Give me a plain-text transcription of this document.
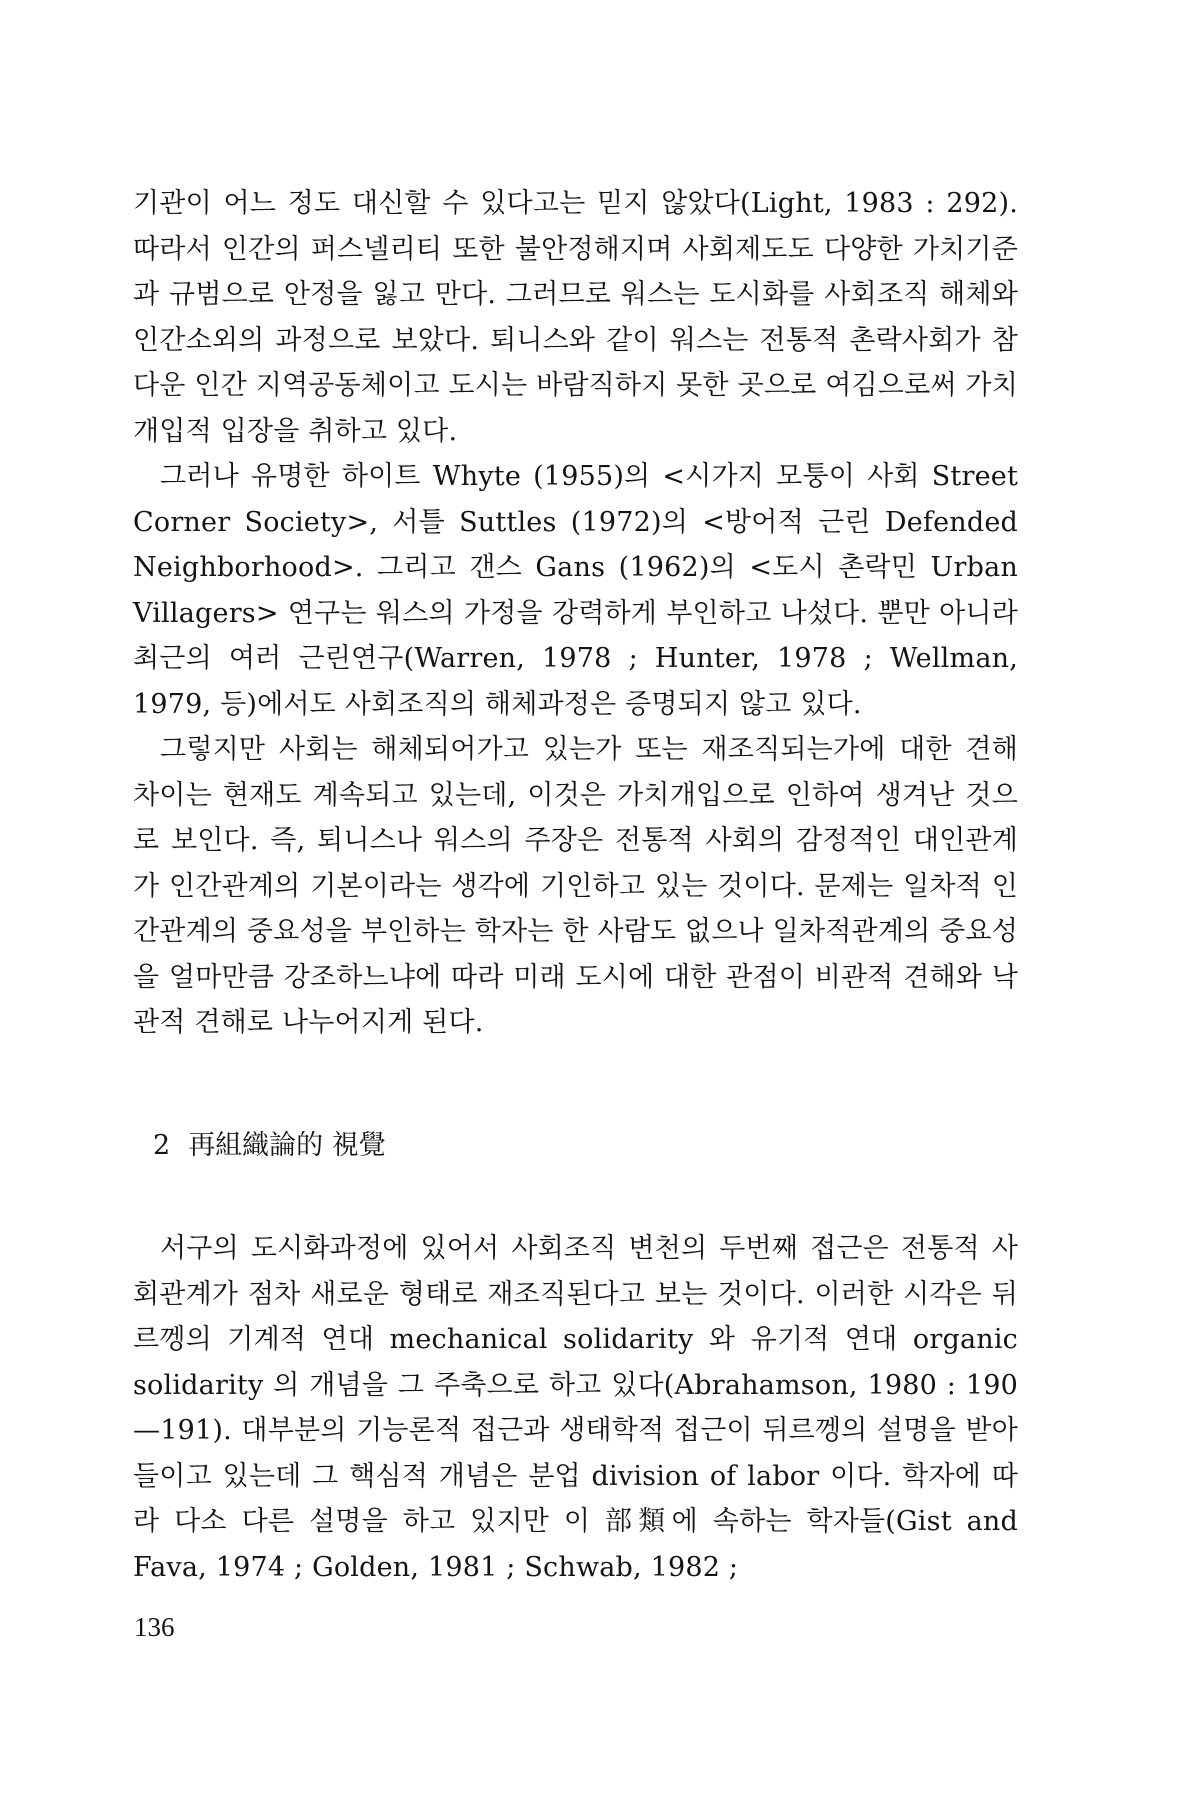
기관이 어느 정도 대신할 수 있다고는 믿지 않았다(Light, 1983 : 292). 따라서 인간의 퍼스넬리티 또한 불안정해지며 사회제도도 다양한 가치기준과 규범으로 안정을 잃고 만다. 그러므로 워스는 도시화를 사회조직 해체와 인간소외의 과정으로 보았다. 퇴니스와 같이 워스는 전통적 촌락사회가 참다운 인간 지역공동체이고 도시는 바람직하지 못한 곳으로 여김으로써 가치개입적 입장을 취하고 있다.

그러나 유명한 하이트 Whyte (1955)의 <시가지 모퉁이 사회 Street Corner Society>, 서틀 Suttles (1972)의 <방어적 근린 Defended Neighborhood>. 그리고 갠스 Gans (1962)의 <도시 촌락민 Urban Villagers> 연구는 워스의 가정을 강력하게 부인하고 나섰다. 뿐만 아니라 최근의 여러 근린연구(Warren, 1978 ; Hunter, 1978 ; Wellman, 1979, 등)에서도 사회조직의 해체과정은 증명되지 않고 있다.

그렇지만 사회는 해체되어가고 있는가 또는 재조직되는가에 대한 견해 차이는 현재도 계속되고 있는데, 이것은 가치개입으로 인하여 생겨난 것으로 보인다. 즉, 퇴니스나 워스의 주장은 전통적 사회의 감정적인 대인관계가 인간관계의 기본이라는 생각에 기인하고 있는 것이다. 문제는 일차적 인간관계의 중요성을 부인하는 학자는 한 사람도 없으나 일차적관계의 중요성을 얼마만큼 강조하느냐에 따라 미래 도시에 대한 관점이 비관적 견해와 낙관적 견해로 나누어지게 된다.

2 再組織論的 視覺

서구의 도시화과정에 있어서 사회조직 변천의 두번째 접근은 전통적 사회관계가 점차 새로운 형태로 재조직된다고 보는 것이다. 이러한 시각은 뒤르껭의 기계적 연대 mechanical solidarity 와 유기적 연대 organic solidarity 의 개념을 그 주축으로 하고 있다(Abrahamson, 1980 : 190—191). 대부분의 기능론적 접근과 생태학적 접근이 뒤르껭의 설명을 받아들이고 있는데 그 핵심적 개념은 분업 division of labor 이다. 학자에 따라 다소 다른 설명을 하고 있지만 이 部類에 속하는 학자들(Gist and Fava, 1974 ; Golden, 1981 ; Schwab, 1982 ;

136
